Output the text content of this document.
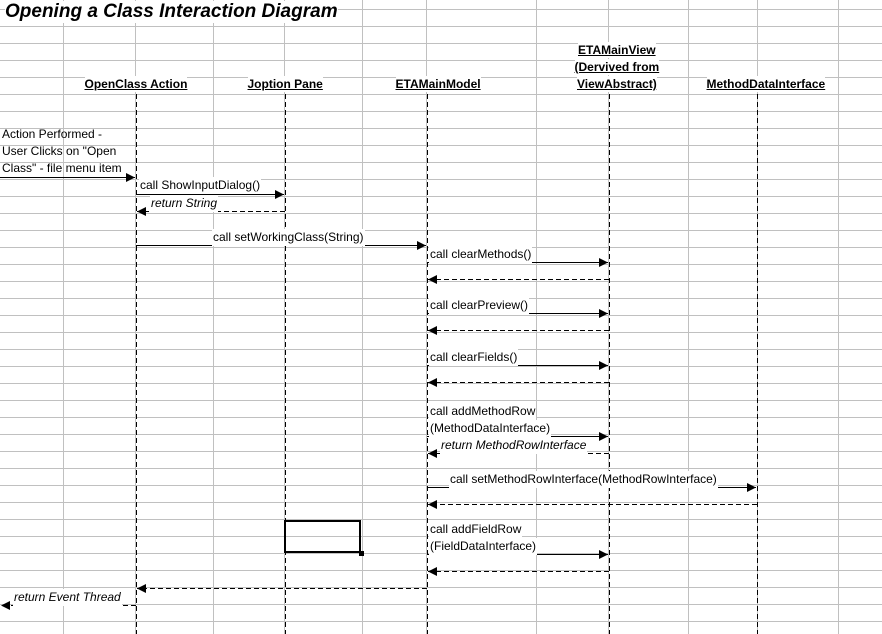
Opening a Class Interaction Diagram
OpenClass Action	Joption Pane	ETAMainModel
ETAMainView
(Dervived from
ViewAbstract)	MethodDataInterface
Action Performed -
User Clicks on "Open
Class" - file menu item
call ShowInputDialog()
return String
call setWorkingClass(String)
call clearMethods()
call clearPreview()
call clearFields()
call addMethodRow
(MethodDataInterface)
return MethodRowInterface
call setMethodRowInterface(MethodRowInterface)
call addFieldRow
(FieldDataInterface)
return Event Thread
